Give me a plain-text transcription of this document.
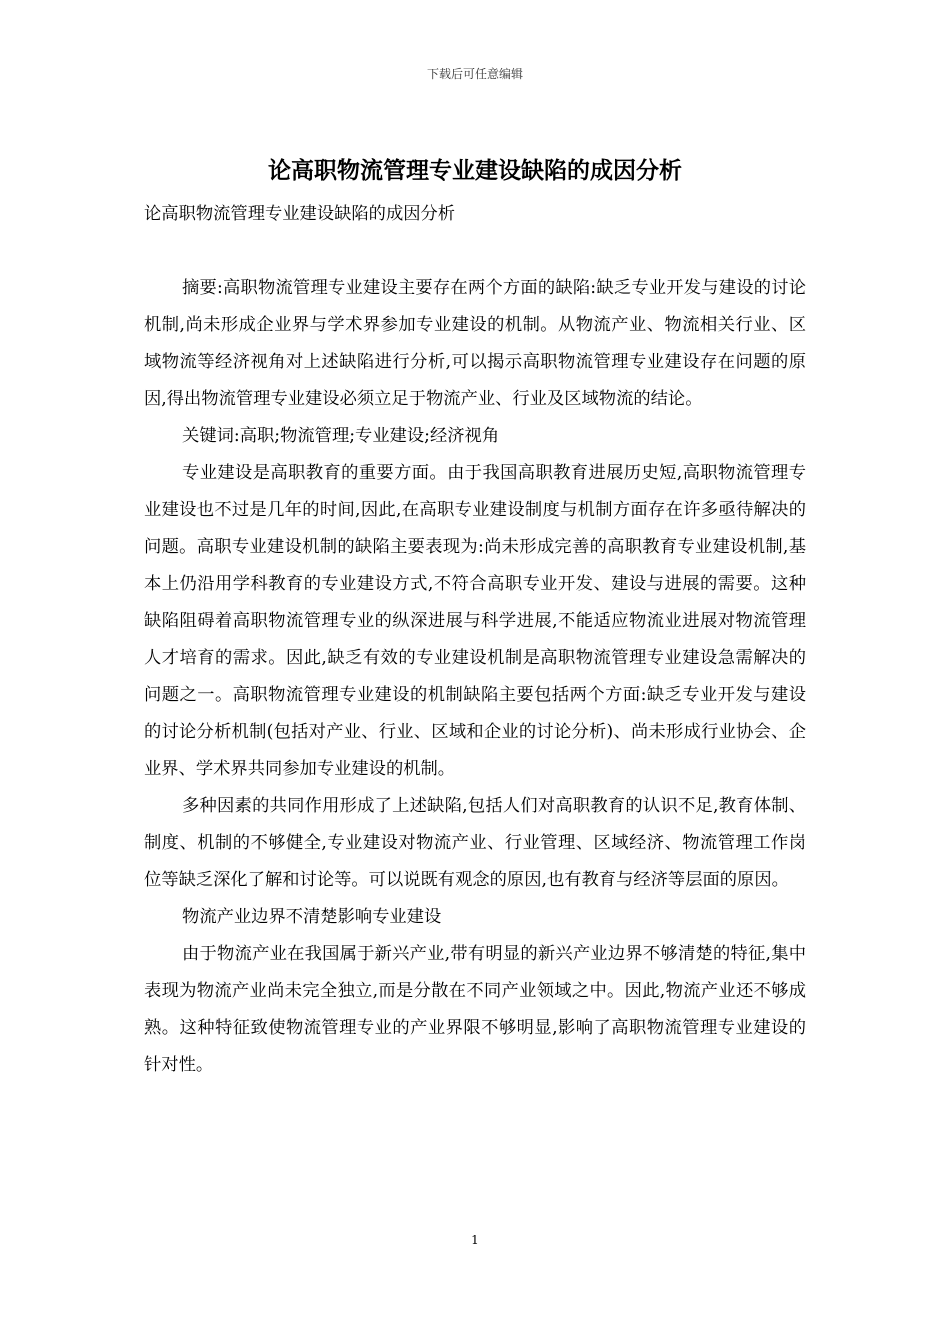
下载后可任意编辑
论高职物流管理专业建设缺陷的成因分析

论高职物流管理专业建设缺陷的成因分析

摘要:高职物流管理专业建设主要存在两个方面的缺陷:缺乏专业开发与建设的讨论机制,尚未形成企业界与学术界参加专业建设的机制。从物流产业、物流相关行业、区域物流等经济视角对上述缺陷进行分析,可以揭示高职物流管理专业建设存在问题的原因,得出物流管理专业建设必须立足于物流产业、行业及区域物流的结论。

关键词:高职;物流管理;专业建设;经济视角

专业建设是高职教育的重要方面。由于我国高职教育进展历史短,高职物流管理专业建设也不过是几年的时间,因此,在高职专业建设制度与机制方面存在许多亟待解决的问题。高职专业建设机制的缺陷主要表现为:尚未形成完善的高职教育专业建设机制,基本上仍沿用学科教育的专业建设方式,不符合高职专业开发、建设与进展的需要。这种缺陷阻碍着高职物流管理专业的纵深进展与科学进展,不能适应物流业进展对物流管理人才培育的需求。因此,缺乏有效的专业建设机制是高职物流管理专业建设急需解决的问题之一。高职物流管理专业建设的机制缺陷主要包括两个方面:缺乏专业开发与建设的讨论分析机制(包括对产业、行业、区域和企业的讨论分析)、尚未形成行业协会、企业界、学术界共同参加专业建设的机制。

多种因素的共同作用形成了上述缺陷,包括人们对高职教育的认识不足,教育体制、制度、机制的不够健全,专业建设对物流产业、行业管理、区域经济、物流管理工作岗位等缺乏深化了解和讨论等。可以说既有观念的原因,也有教育与经济等层面的原因。

物流产业边界不清楚影响专业建设

由于物流产业在我国属于新兴产业,带有明显的新兴产业边界不够清楚的特征,集中表现为物流产业尚未完全独立,而是分散在不同产业领域之中。因此,物流产业还不够成熟。这种特征致使物流管理专业的产业界限不够明显,影响了高职物流管理专业建设的针对性。

1
